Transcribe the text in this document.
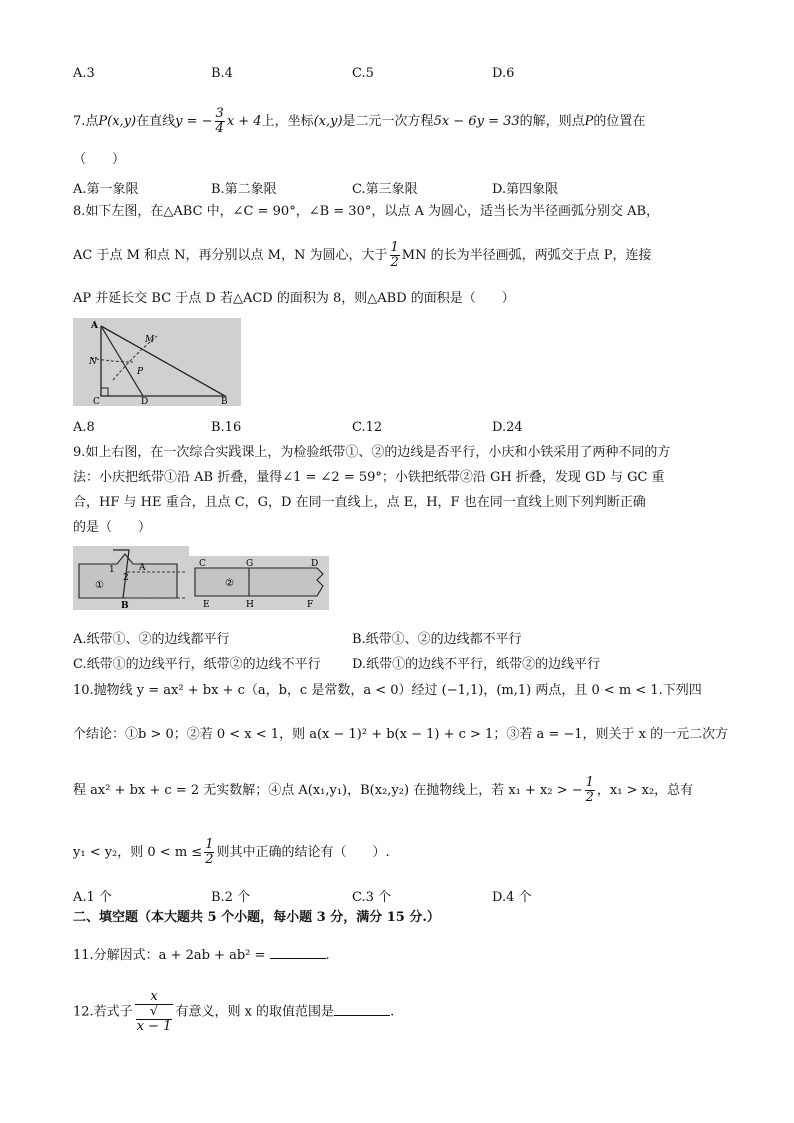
A.3	B.4	C.5	D.6
7.点P(x,y)在直线y = − $\frac{3}{4}$ x + 4上，坐标(x,y)是二元一次方程5x − 6y = 33的解，则点P的位置在
（　　）
A.第一象限	B.第二象限	C.第三象限	D.第四象限
8.如下左图，在△ABC 中，∠C = 90°，∠B = 30°，以点 A 为圆心，适当长为半径画弧分别交 AB，
AC 于点 M 和点 N，再分别以点 M，N 为圆心，大于 $\frac{1}{2}$ MN 的长为半径画弧，两弧交于点 P，连接
AP 并延长交 BC 于点 D 若△ACD 的面积为 8，则△ABD 的面积是（　　）
A
M
N
P
C	D	B
A.8	B.16	C.12	D.24
9.如上右图，在一次综合实践课上，为检验纸带①、②的边线是否平行，小庆和小铁采用了两种不同的方
法：小庆把纸带①沿 AB 折叠，量得∠1 = ∠2 = 59°；小铁把纸带②沿 GH 折叠，发现 GD 与 GC 重
合，HF 与 HE 重合，且点 C，G，D 在同一直线上，点 E，H，F 也在同一直线上则下列判断正确
的是（　　）
1
2
A
①
B
C	G	D
②
E	H	F
A.纸带①、②的边线都平行	B.纸带①、②的边线都不平行
C.纸带①的边线平行，纸带②的边线不平行 D.纸带①的边线不平行，纸带②的边线平行
10.抛物线 y = ax² + bx + c（a，b，c 是常数，a < 0）经过 (−1,1)，(m,1) 两点，且 0 < m < 1.下列四
个结论：①b > 0；②若 0 < x < 1，则 a(x − 1)² + b(x − 1) + c > 1；③若 a = −1，则关于 x 的一元二次方
程 ax² + bx + c = 2 无实数解；④点 A(x₁,y₁)，B(x₂,y₂) 在抛物线上，若 x₁ + x₂ > − $\frac{1}{2}$ ，x₁ > x₂，总有
y₁ < y₂，则 $0 < m \le \frac{1}{2}$ 则其中正确的结论有（　　）.
A.1 个	B.2 个	C.3 个	D.4 个
二、填空题（本大题共 5 个小题，每小题 3 分，满分 15 分.）
11.分解因式：a + 2ab + ab² =	.
12.若式子 x
√
x − 1 有意义，则 x 的取值范围是	.
